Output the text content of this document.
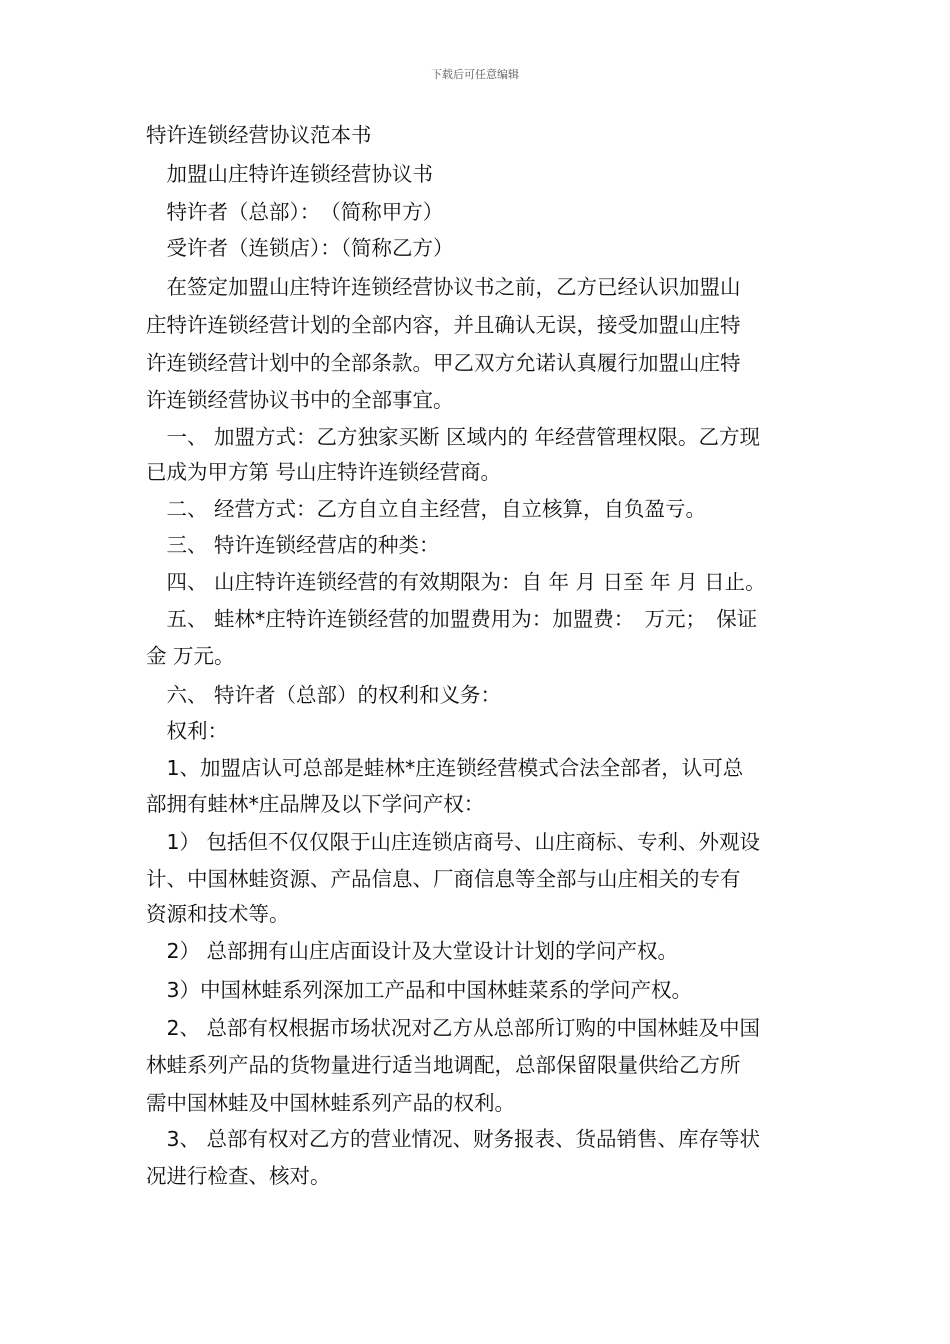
下载后可任意编辑
特许连锁经营协议范本书
　加盟山庄特许连锁经营协议书
　特许者（总部）：　（简称甲方）
　受许者（连锁店）：（简称乙方）
　在签定加盟山庄特许连锁经营协议书之前，乙方已经认识加盟山
庄特许连锁经营计划的全部内容，并且确认无误，接受加盟山庄特
许连锁经营计划中的全部条款。甲乙双方允诺认真履行加盟山庄特
许连锁经营协议书中的全部事宜。
　一、 加盟方式：乙方独家买断 区域内的 年经营管理权限。乙方现
已成为甲方第 号山庄特许连锁经营商。
　二、 经营方式：乙方自立自主经营，自立核算，自负盈亏。
　三、 特许连锁经营店的种类：
　四、 山庄特许连锁经营的有效期限为：自 年 月 日至 年 月 日止。
　五、 蛙林*庄特许连锁经营的加盟费用为：加盟费：　万元；　保证
金 万元。
　六、 特许者（总部）的权利和义务：
　权利：
　1、加盟店认可总部是蛙林*庄连锁经营模式合法全部者，认可总
部拥有蛙林*庄品牌及以下学问产权：
　1） 包括但不仅仅限于山庄连锁店商号、山庄商标、专利、外观设
计、中国林蛙资源、产品信息、厂商信息等全部与山庄相关的专有
资源和技术等。
　2） 总部拥有山庄店面设计及大堂设计计划的学问产权。
　3）中国林蛙系列深加工产品和中国林蛙菜系的学问产权。
　2、 总部有权根据市场状况对乙方从总部所订购的中国林蛙及中国
林蛙系列产品的货物量进行适当地调配，总部保留限量供给乙方所
需中国林蛙及中国林蛙系列产品的权利。
　3、 总部有权对乙方的营业情况、财务报表、货品销售、库存等状
况进行检查、核对。
